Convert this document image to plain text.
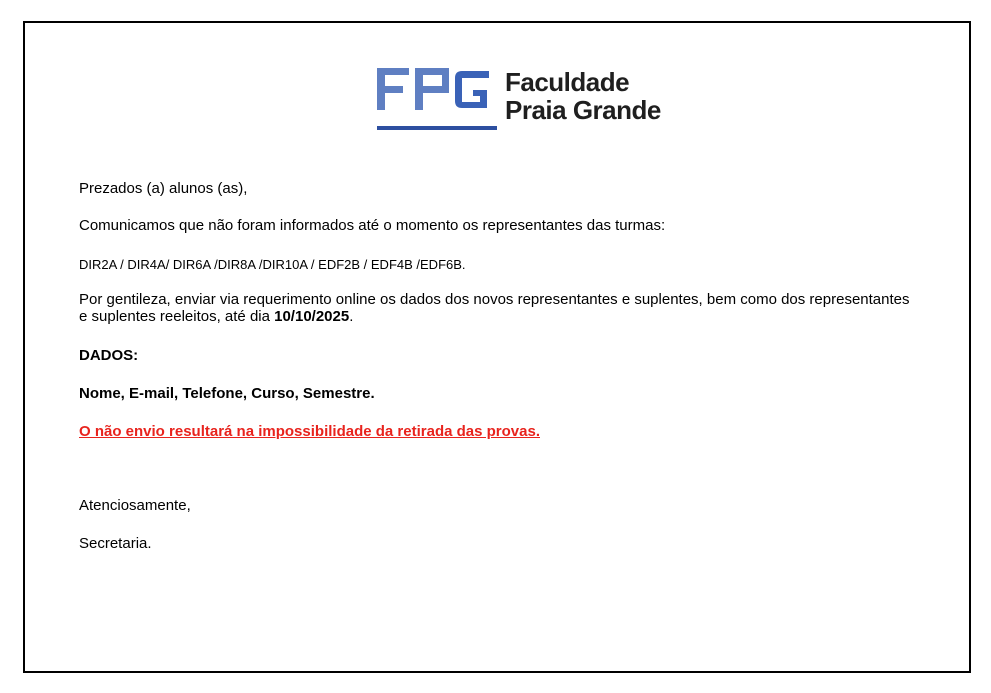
Faculdade
Praia Grande
Prezados (a) alunos (as),
Comunicamos que não foram informados até o momento os representantes das turmas:
DIR2A / DIR4A/ DIR6A /DIR8A /DIR10A / EDF2B / EDF4B /EDF6B.
Por gentileza, enviar via requerimento online os dados dos novos representantes e suplentes, bem como dos representantes e suplentes reeleitos, até dia 10/10/2025.
DADOS:
Nome, E-mail, Telefone, Curso, Semestre.
O não envio resultará na impossibilidade da retirada das provas.
Atenciosamente,
Secretaria.
